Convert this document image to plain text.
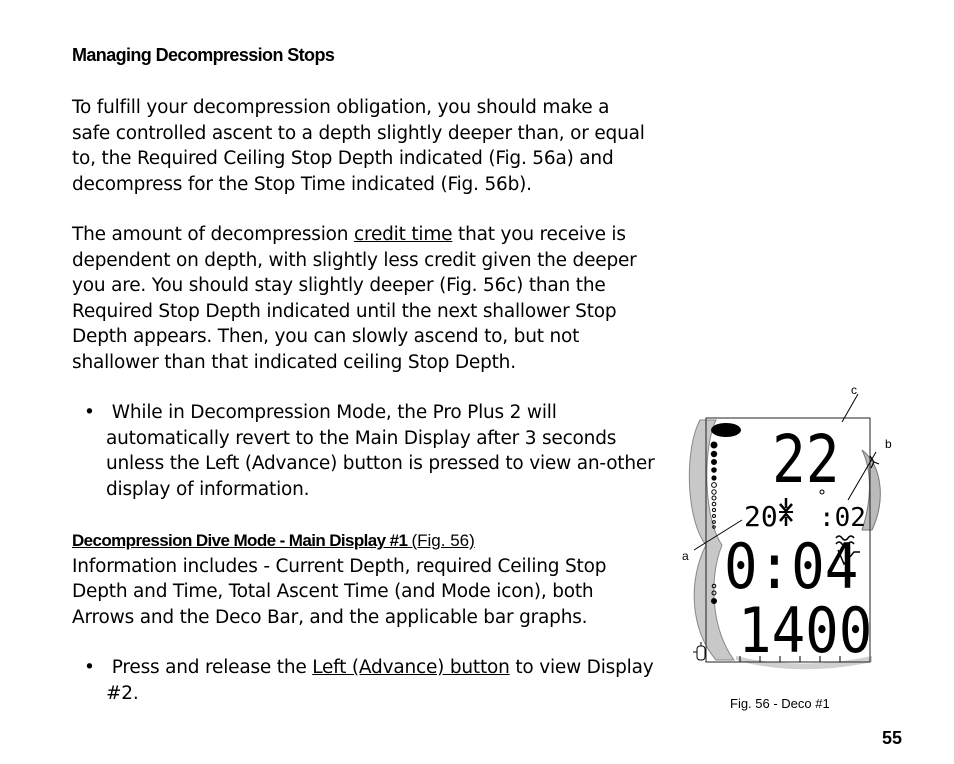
Managing Decompression Stops

To fulfill your decompression obligation, you should make a safe controlled ascent to a depth slightly deeper than, or equal to, the Required Ceiling Stop Depth indicated (Fig. 56a) and decompress for the Stop Time indicated (Fig. 56b).

The amount of decompression credit time that you receive is dependent on depth, with slightly less credit given the deeper you are. You should stay slightly deeper (Fig. 56c) than the Required Stop Depth indicated until the next shallower Stop Depth appears. Then, you can slowly ascend to, but not shallower than that indicated ceiling Stop Depth.

• While in Decompression Mode, the Pro Plus 2 will automatically revert to the Main Display after 3 seconds unless the Left (Advance) button is pressed to view an-other display of information.

Decompression Dive Mode - Main Display #1 (Fig. 56)

Information includes - Current Depth, required Ceiling Stop Depth and Time, Total Ascent Time (and Mode icon), both Arrows and the Deco Bar, and the applicable bar graphs.

• Press and release the Left (Advance) button to view Display #2.
22
20 :02
0:04
1400
c
b
a
Fig. 56 - Deco #1
55
